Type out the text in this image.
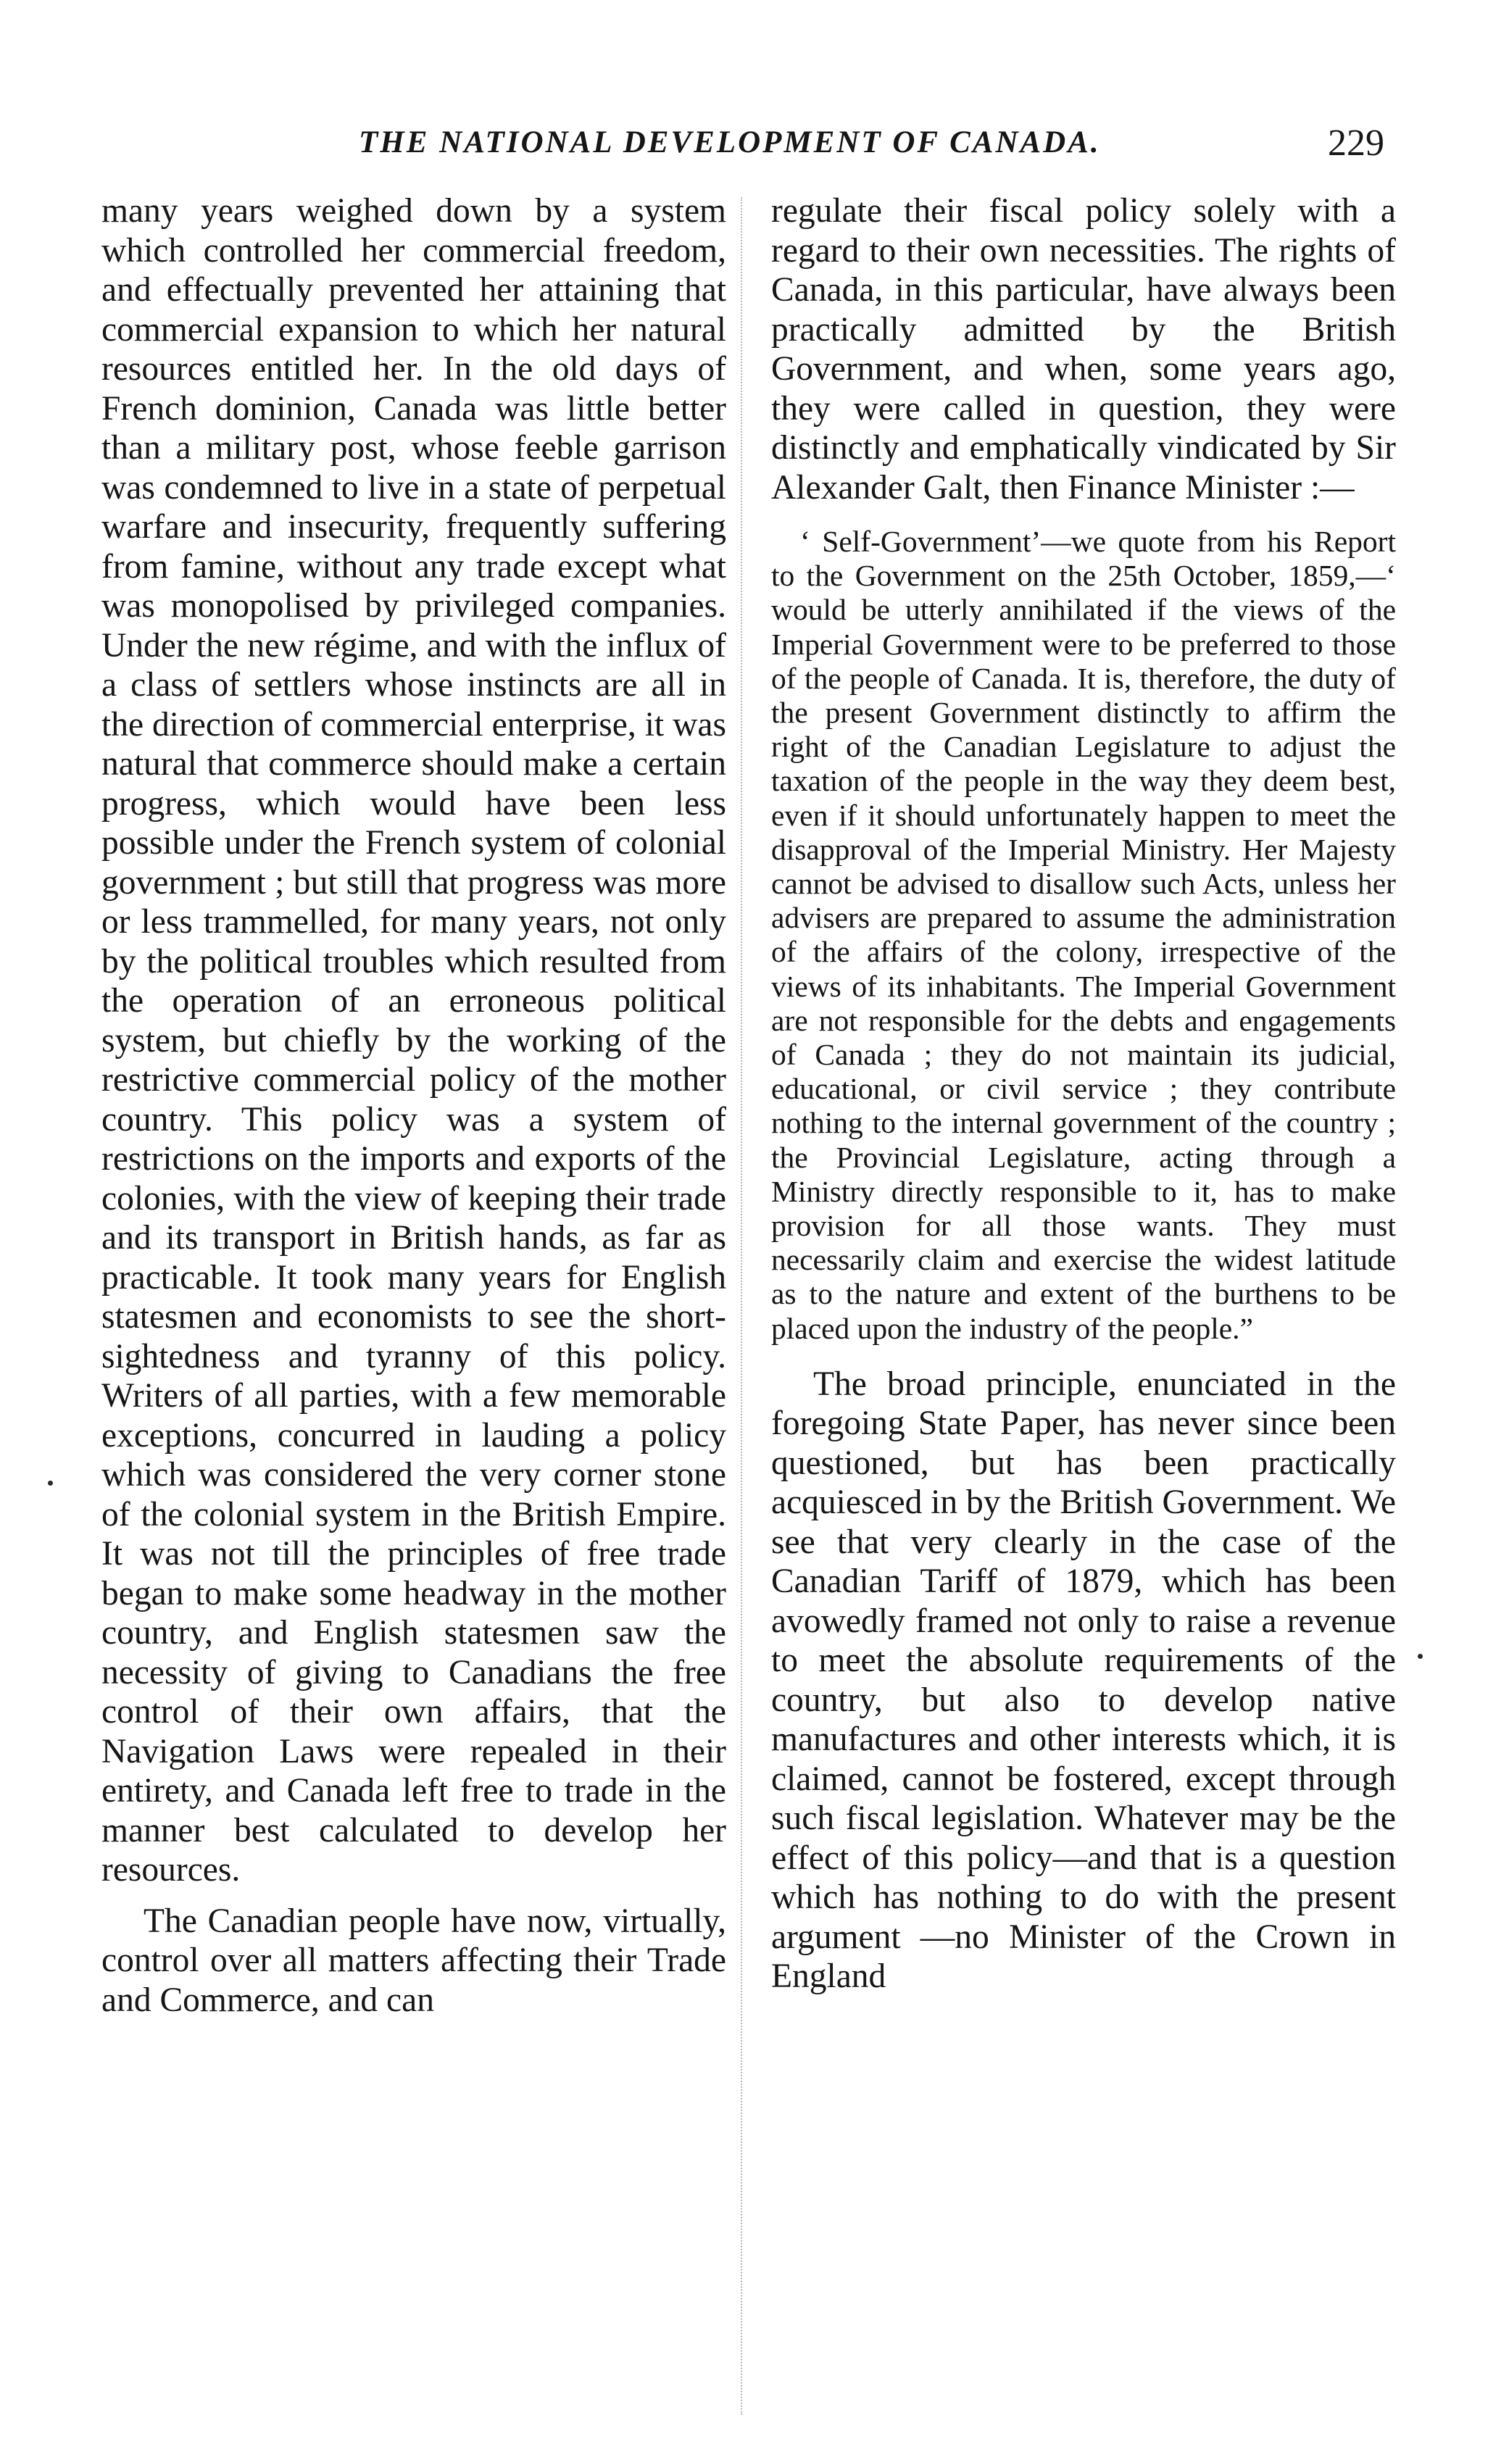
THE NATIONAL DEVELOPMENT OF CANADA.	229

many years weighed down by a system which controlled her commercial freedom, and effectually prevented her attaining that commercial expansion to which her natural resources entitled her. In the old days of French dominion, Canada was little better than a military post, whose feeble garrison was condemned to live in a state of perpetual warfare and insecurity, frequently suffering from famine, without any trade except what was monopolised by privileged companies. Under the new régime, and with the influx of a class of settlers whose instincts are all in the direction of commercial enterprise, it was natural that commerce should make a certain progress, which would have been less possible under the French system of colonial government ; but still that progress was more or less trammelled, for many years, not only by the political troubles which resulted from the operation of an erroneous political system, but chiefly by the working of the restrictive commercial policy of the mother country. This policy was a system of restrictions on the imports and exports of the colonies, with the view of keeping their trade and its transport in British hands, as far as practicable. It took many years for English statesmen and economists to see the short-sightedness and tyranny of this policy. Writers of all parties, with a few memorable exceptions, concurred in lauding a policy which was considered the very corner stone of the colonial system in the British Empire. It was not till the principles of free trade began to make some headway in the mother country, and English statesmen saw the necessity of giving to Canadians the free control of their own affairs, that the Navigation Laws were repealed in their entirety, and Canada left free to trade in the manner best calculated to develop her resources.

The Canadian people have now, virtually, control over all matters affecting their Trade and Commerce, and can

regulate their fiscal policy solely with a regard to their own necessities. The rights of Canada, in this particular, have always been practically admitted by the British Government, and when, some years ago, they were called in question, they were distinctly and emphatically vindicated by Sir Alexander Galt, then Finance Minister :—

‘ Self-Government’—we quote from his Report to the Government on the 25th October, 1859,—‘ would be utterly annihilated if the views of the Imperial Government were to be preferred to those of the people of Canada. It is, therefore, the duty of the present Government distinctly to affirm the right of the Canadian Legislature to adjust the taxation of the people in the way they deem best, even if it should unfortunately happen to meet the disapproval of the Imperial Ministry. Her Majesty cannot be advised to disallow such Acts, unless her advisers are prepared to assume the administration of the affairs of the colony, irrespective of the views of its inhabitants. The Imperial Government are not responsible for the debts and engagements of Canada ; they do not maintain its judicial, educational, or civil service ; they contribute nothing to the internal government of the country ; the Provincial Legislature, acting through a Ministry directly responsible to it, has to make provision for all those wants. They must necessarily claim and exercise the widest latitude as to the nature and extent of the burthens to be placed upon the industry of the people.”

The broad principle, enunciated in the foregoing State Paper, has never since been questioned, but has been practically acquiesced in by the British Government. We see that very clearly in the case of the Canadian Tariff of 1879, which has been avowedly framed not only to raise a revenue to meet the absolute requirements of the country, but also to develop native manufactures and other interests which, it is claimed, cannot be fostered, except through such fiscal legislation. Whatever may be the effect of this policy—and that is a question which has nothing to do with the present argument —no Minister of the Crown in England
